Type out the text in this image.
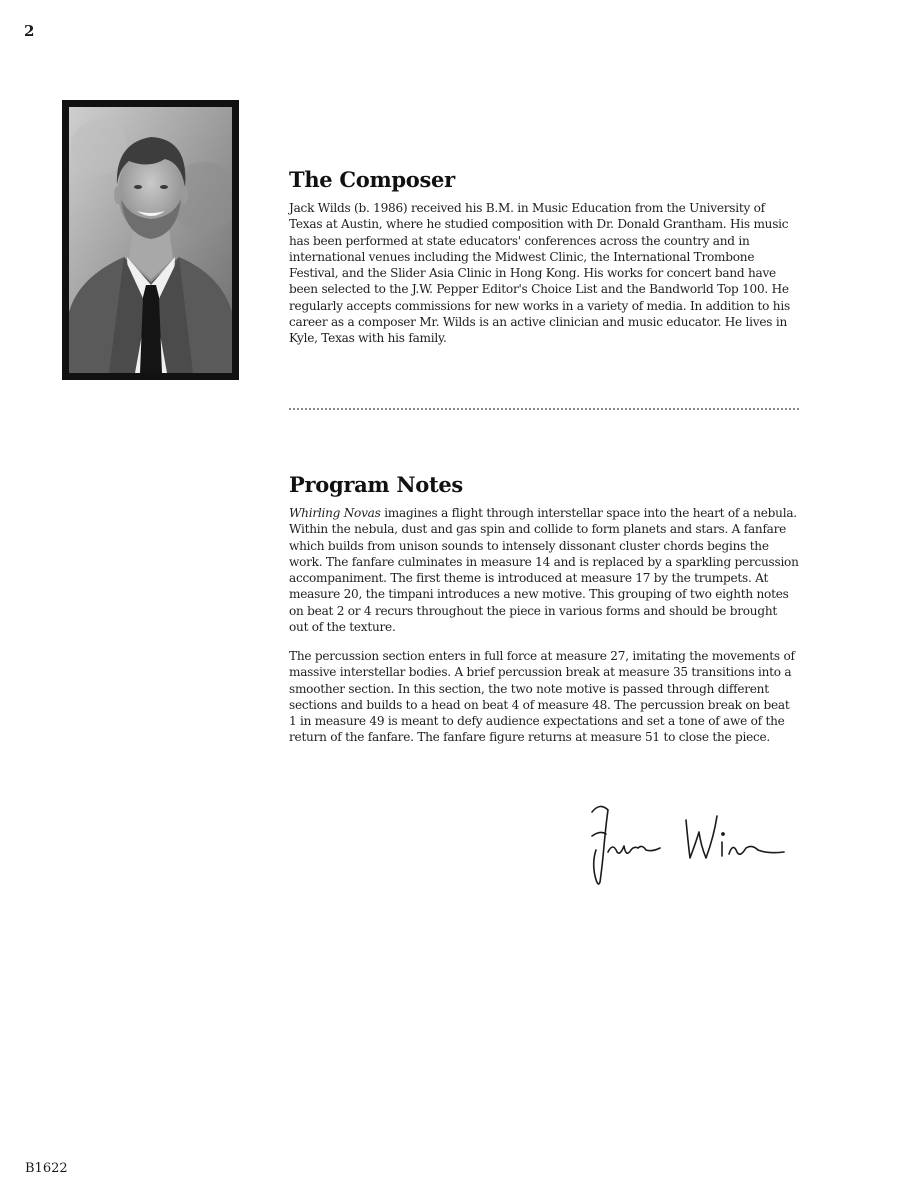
2
The Composer

Jack Wilds (b. 1986) received his B.M. in Music Education from the University of Texas at Austin, where he studied composition with Dr. Donald Grantham. His music has been performed at state educators' conferences across the country and in international venues including the Midwest Clinic, the International Trombone Festival, and the Slider Asia Clinic in Hong Kong. His works for concert band have been selected to the J.W. Pepper Editor's Choice List and the Bandworld Top 100. He regularly accepts commissions for new works in a variety of media. In addition to his career as a composer Mr. Wilds is an active clinician and music educator. He lives in Kyle, Texas with his family.

Program Notes

Whirling Novas imagines a flight through interstellar space into the heart of a nebula. Within the nebula, dust and gas spin and collide to form planets and stars. A fanfare which builds from unison sounds to intensely dissonant cluster chords begins the work. The fanfare culminates in measure 14 and is replaced by a sparkling percussion accompaniment. The first theme is introduced at measure 17 by the trumpets. At measure 20, the timpani introduces a new motive. This grouping of two eighth notes on beat 2 or 4 recurs throughout the piece in various forms and should be brought out of the texture.

The percussion section enters in full force at measure 27, imitating the movements of massive interstellar bodies. A brief percussion break at measure 35 transitions into a smoother section. In this section, the two note motive is passed through different sections and builds to a head on beat 4 of measure 48. The percussion break on beat 1 in measure 49 is meant to defy audience expectations and set a tone of awe of the return of the fanfare. The fanfare figure returns at measure 51 to close the piece.

B1622
